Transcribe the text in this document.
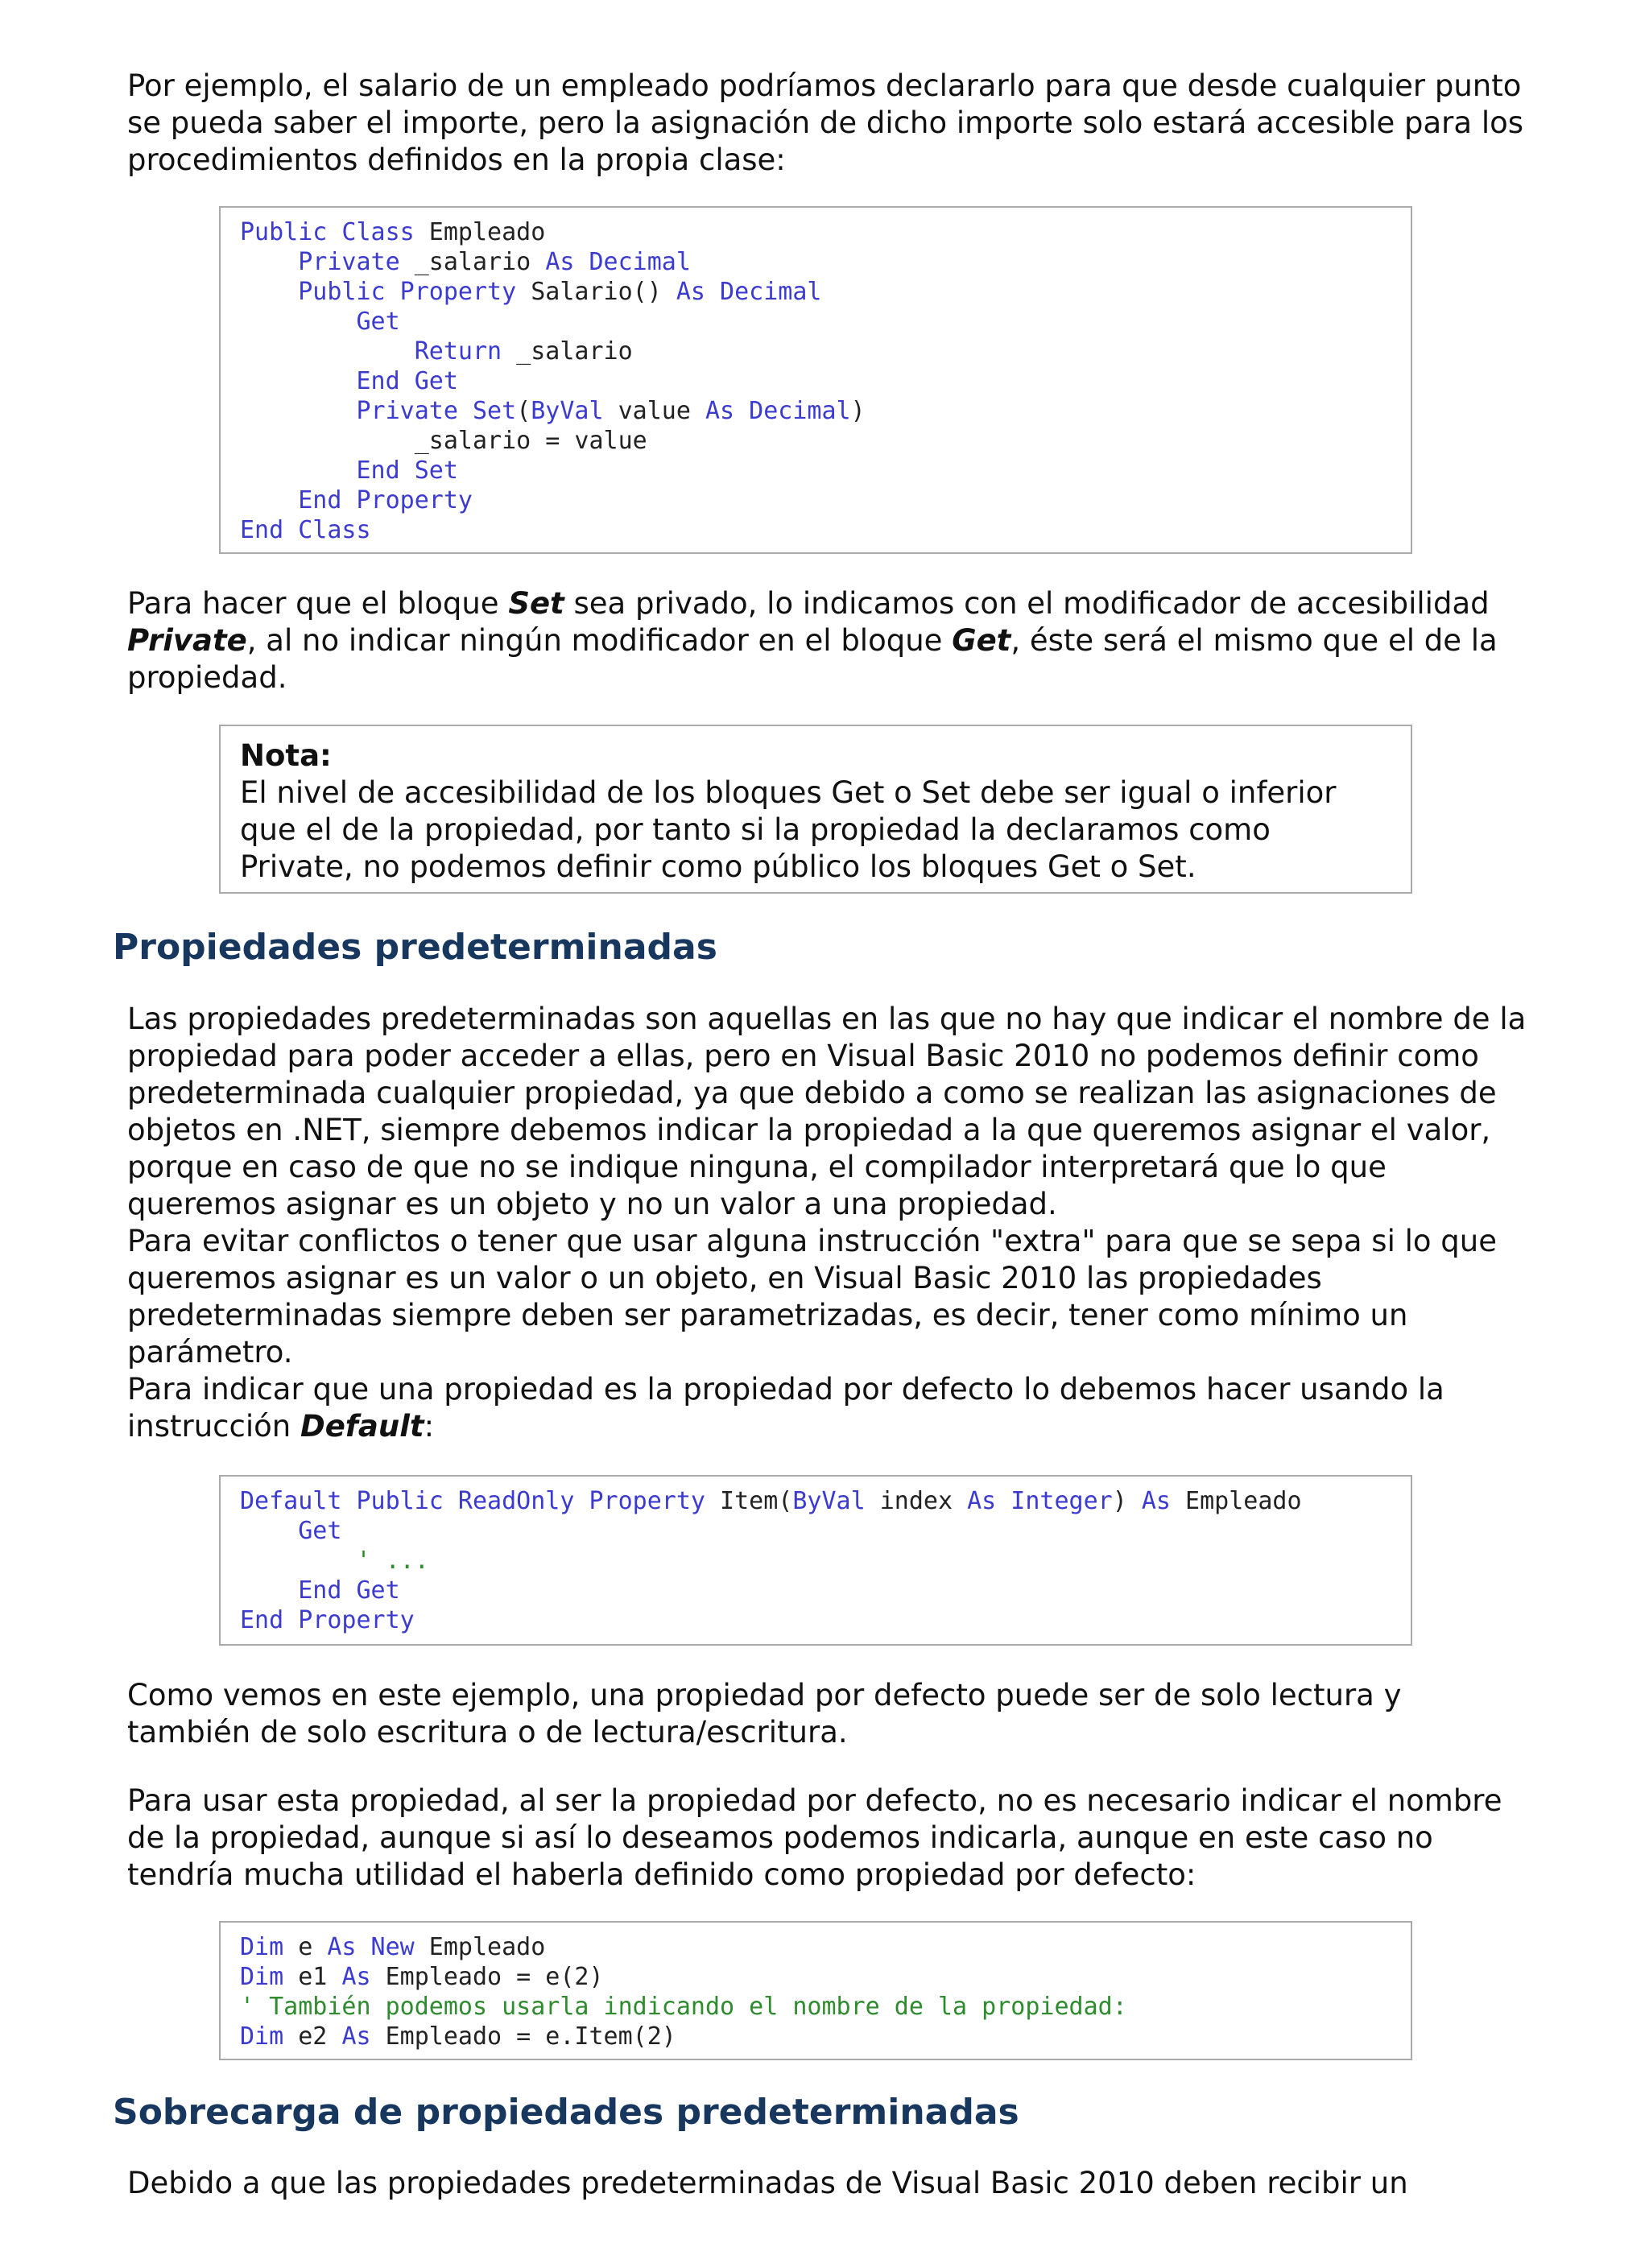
Por ejemplo, el salario de un empleado podríamos declararlo para que desde cualquier punto se pueda saber el importe, pero la asignación de dicho importe solo estará accesible para los procedimientos definidos en la propia clase:

Public Class Empleado
Private _salario As Decimal
Public Property Salario() As Decimal
Get
Return _salario
End Get
Private Set(ByVal value As Decimal)
_salario = value
End Set
End Property
End Class

Para hacer que el bloque Set sea privado, lo indicamos con el modificador de accesibilidad Private, al no indicar ningún modificador en el bloque Get, éste será el mismo que el de la propiedad.

Nota:
El nivel de accesibilidad de los bloques Get o Set debe ser igual o inferior que el de la propiedad, por tanto si la propiedad la declaramos como Private, no podemos definir como público los bloques Get o Set.
Propiedades predeterminadas
Las propiedades predeterminadas son aquellas en las que no hay que indicar el nombre de la propiedad para poder acceder a ellas, pero en Visual Basic 2010 no podemos definir como predeterminada cualquier propiedad, ya que debido a como se realizan las asignaciones de objetos en .NET, siempre debemos indicar la propiedad a la que queremos asignar el valor, porque en caso de que no se indique ninguna, el compilador interpretará que lo que queremos asignar es un objeto y no un valor a una propiedad.
Para evitar conflictos o tener que usar alguna instrucción "extra" para que se sepa si lo que queremos asignar es un valor o un objeto, en Visual Basic 2010 las propiedades predeterminadas siempre deben ser parametrizadas, es decir, tener como mínimo un parámetro.
Para indicar que una propiedad es la propiedad por defecto lo debemos hacer usando la instrucción Default:
Default Public ReadOnly Property Item(ByVal index As Integer) As Empleado
Get
' ...
End Get
End Property

Como vemos en este ejemplo, una propiedad por defecto puede ser de solo lectura y también de solo escritura o de lectura/escritura.

Para usar esta propiedad, al ser la propiedad por defecto, no es necesario indicar el nombre de la propiedad, aunque si así lo deseamos podemos indicarla, aunque en este caso no tendría mucha utilidad el haberla definido como propiedad por defecto:

Dim e As New Empleado
Dim e1 As Empleado = e(2)
' También podemos usarla indicando el nombre de la propiedad:
Dim e2 As Empleado = e.Item(2)
Sobrecarga de propiedades predeterminadas

Debido a que las propiedades predeterminadas de Visual Basic 2010 deben recibir un
